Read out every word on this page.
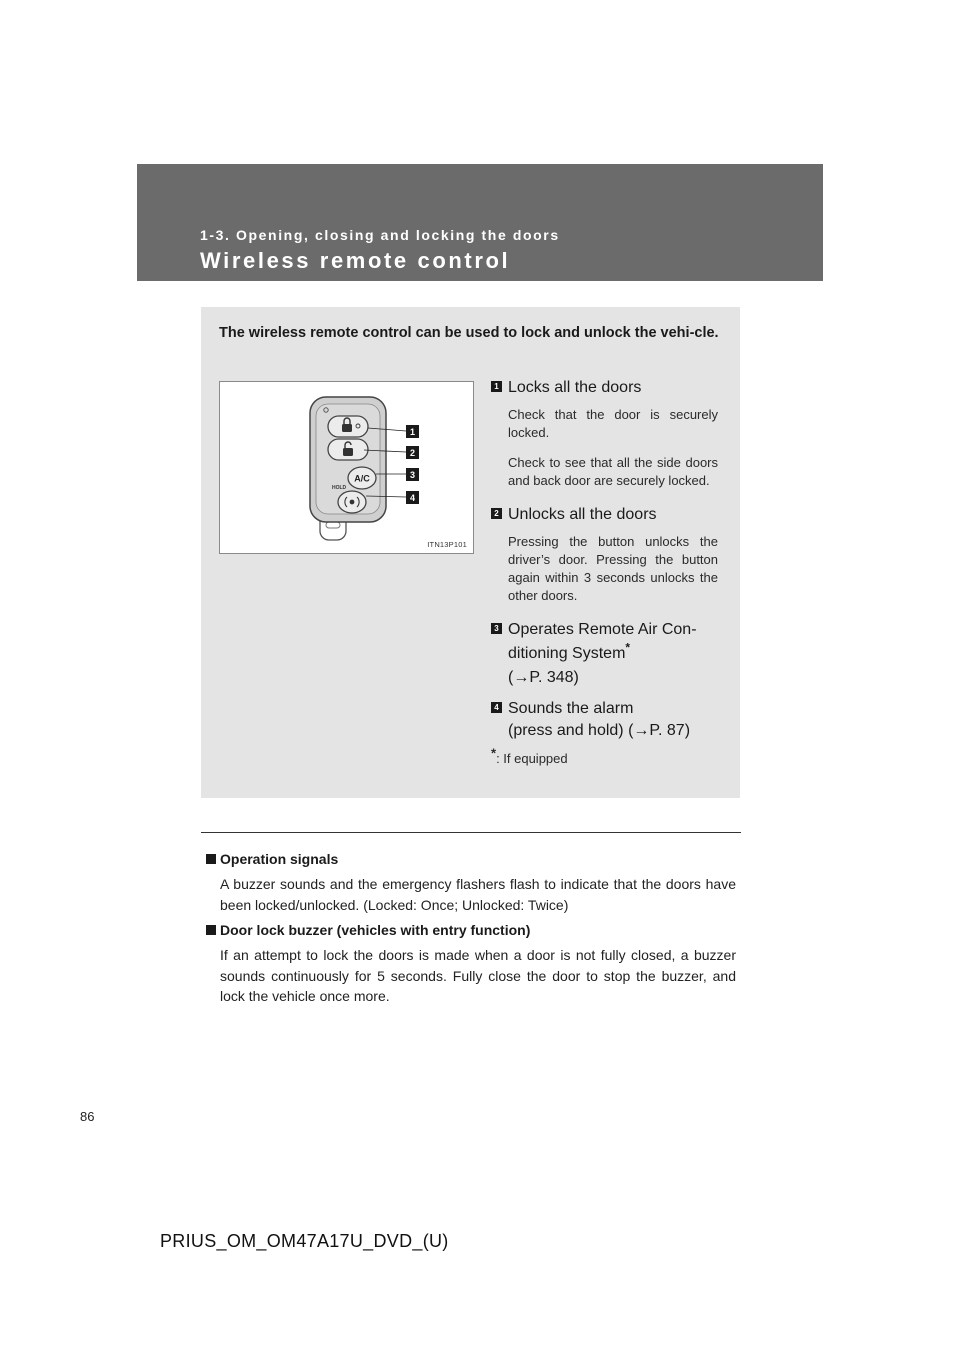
1-3. Opening, closing and locking the doors
Wireless remote control
The wireless remote control can be used to lock and unlock the vehi-cle.
A/C
HOLD
1
2
3
4
ITN13P101
1 Locks all the doors
Check that the door is securely locked.
Check to see that all the side doors and back door are securely locked.
2 Unlocks all the doors
Pressing the button unlocks the driver’s door. Pressing the button again within 3 seconds unlocks the other doors.
3 Operates Remote Air Con-
ditioning System*
(→P. 348)
4 Sounds the alarm
(press and hold) (→P. 87)
*: If equipped
Operation signals
A buzzer sounds and the emergency flashers flash to indicate that the doors have been locked/unlocked. (Locked: Once; Unlocked: Twice)
Door lock buzzer (vehicles with entry function)
If an attempt to lock the doors is made when a door is not fully closed, a buzzer sounds continuously for 5 seconds. Fully close the door to stop the buzzer, and lock the vehicle once more.
86
PRIUS_OM_OM47A17U_DVD_(U)
